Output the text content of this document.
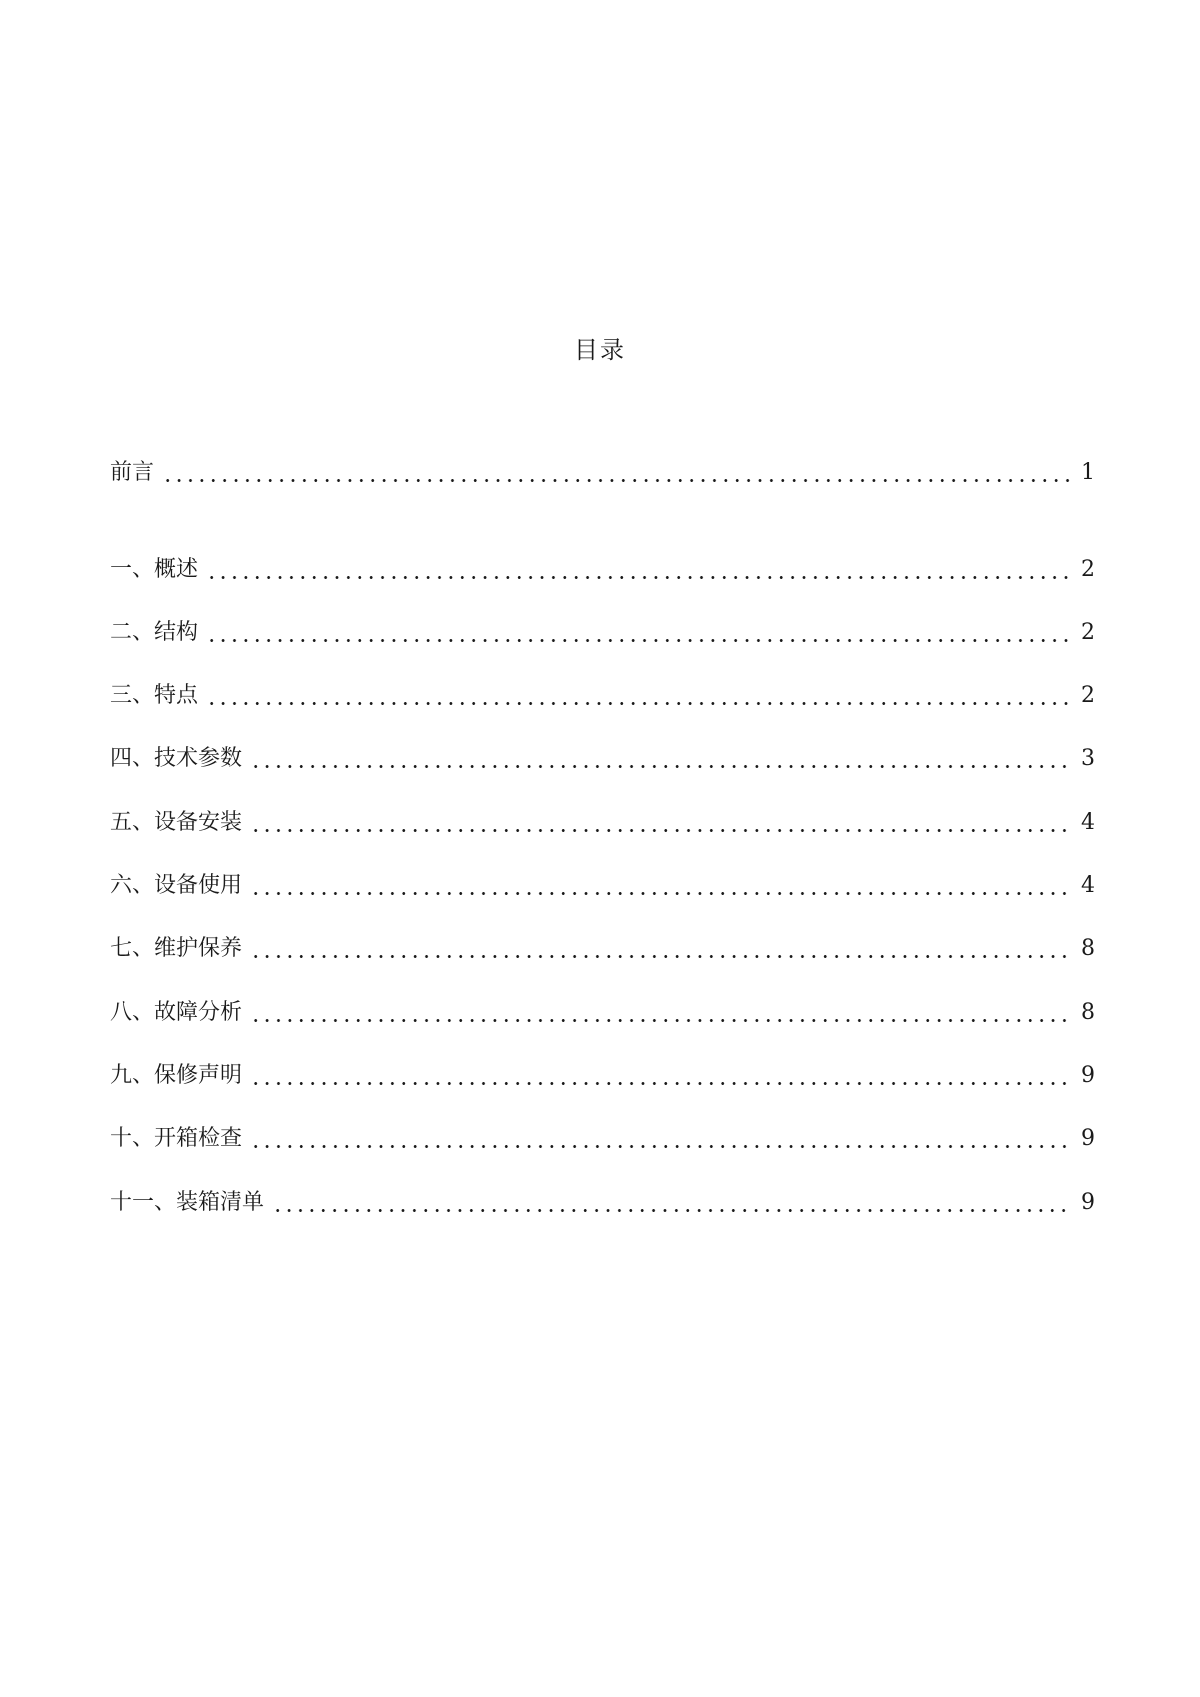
目录
前言	1
一、概述	2
二、结构	2
三、特点	2
四、技术参数	3
五、设备安装	4
六、设备使用	4
七、维护保养	8
八、故障分析	8
九、保修声明	9
十、开箱检查	9
十一、装箱清单	9
